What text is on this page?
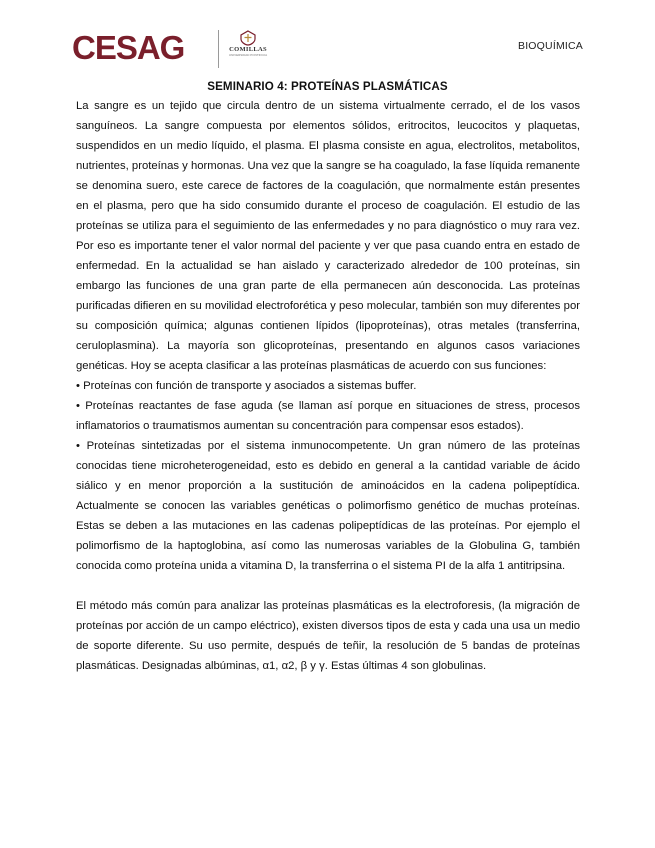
CESAG	COMILLAS
UNIVERSIDAD PONTIFICIA
BIOQUÍMICA
SEMINARIO 4: PROTEÍNAS PLASMÁTICAS

La sangre es un tejido que circula dentro de un sistema virtualmente cerrado, el de los vasos sanguíneos. La sangre compuesta por elementos sólidos, eritrocitos, leucocitos y plaquetas, suspendidos en un medio líquido, el plasma. El plasma consiste en agua, electrolitos, metabolitos, nutrientes, proteínas y hormonas. Una vez que la sangre se ha coagulado, la fase líquida remanente se denomina suero, este carece de factores de la coagulación, que normalmente están presentes en el plasma, pero que ha sido consumido durante el proceso de coagulación. El estudio de las proteínas se utiliza para el seguimiento de las enfermedades y no para diagnóstico o muy rara vez. Por eso es importante tener el valor normal del paciente y ver que pasa cuando entra en estado de enfermedad. En la actualidad se han aislado y caracterizado alrededor de 100 proteínas, sin embargo las funciones de una gran parte de ella permanecen aún desconocida. Las proteínas purificadas difieren en su movilidad electroforética y peso molecular, también son muy diferentes por su composición química; algunas contienen lípidos (lipoproteínas), otras metales (transferrina, ceruloplasmina). La mayoría son glicoproteínas, presentando en algunos casos variaciones genéticas. Hoy se acepta clasificar a las proteínas plasmáticas de acuerdo con sus funciones:

• Proteínas con función de transporte y asociados a sistemas buffer.

• Proteínas reactantes de fase aguda (se llaman así porque en situaciones de stress, procesos inflamatorios o traumatismos aumentan su concentración para compensar esos estados).

• Proteínas sintetizadas por el sistema inmunocompetente. Un gran número de las proteínas conocidas tiene microheterogeneidad, esto es debido en general a la cantidad variable de ácido siálico y en menor proporción a la sustitución de aminoácidos en la cadena polipeptídica. Actualmente se conocen las variables genéticas o polimorfismo genético de muchas proteínas. Estas se deben a las mutaciones en las cadenas polipeptídicas de las proteínas. Por ejemplo el polimorfismo de la haptoglobina, así como las numerosas variables de la Globulina G, también conocida como proteína unida a vitamina D, la transferrina o el sistema PI de la alfa 1 antitripsina.

El método más común para analizar las proteínas plasmáticas es la electroforesis, (la migración de proteínas por acción de un campo eléctrico), existen diversos tipos de esta y cada una usa un medio de soporte diferente. Su uso permite, después de teñir, la resolución de 5 bandas de proteínas plasmáticas. Designadas albúminas, α1, α2, β y γ. Estas últimas 4 son globulinas.
